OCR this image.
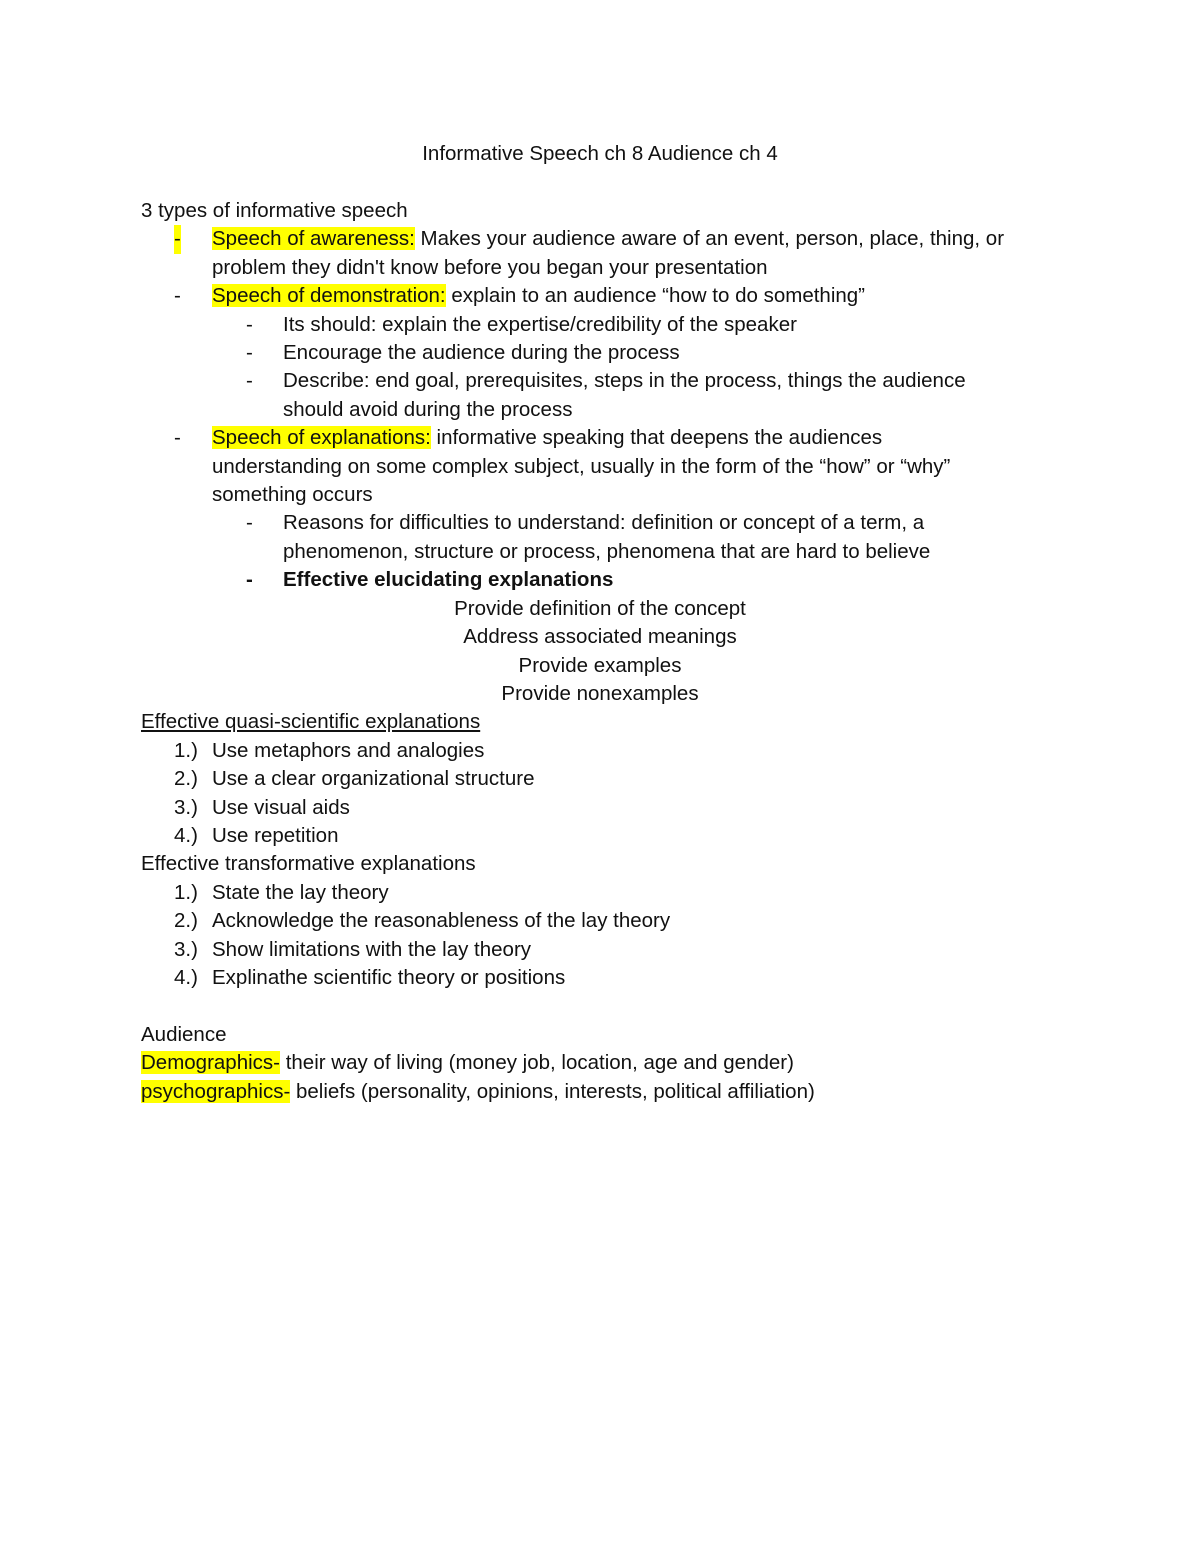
Informative Speech ch 8 Audience ch 4
3 types of informative speech
- Speech of awareness: Makes your audience aware of an event, person, place, thing, or
problem they didn't know before you began your presentation
- Speech of demonstration: explain to an audience “how to do something”
- Its should: explain the expertise/credibility of the speaker
- Encourage the audience during the process
- Describe: end goal, prerequisites, steps in the process, things the audience
should avoid during the process
- Speech of explanations: informative speaking that deepens the audiences
understanding on some complex subject, usually in the form of the “how” or “why”
something occurs
- Reasons for difficulties to understand: definition or concept of a term, a
phenomenon, structure or process, phenomena that are hard to believe
- Effective elucidating explanations
Provide definition of the concept
Address associated meanings
Provide examples
Provide nonexamples
Effective quasi-scientific explanations
1.) Use metaphors and analogies
2.) Use a clear organizational structure
3.) Use visual aids
4.) Use repetition
Effective transformative explanations
1.) State the lay theory
2.) Acknowledge the reasonableness of the lay theory
3.) Show limitations with the lay theory
4.) Explinathe scientific theory or positions
Audience
Demographics- their way of living (money job, location, age and gender)
psychographics- beliefs (personality, opinions, interests, political affiliation)
